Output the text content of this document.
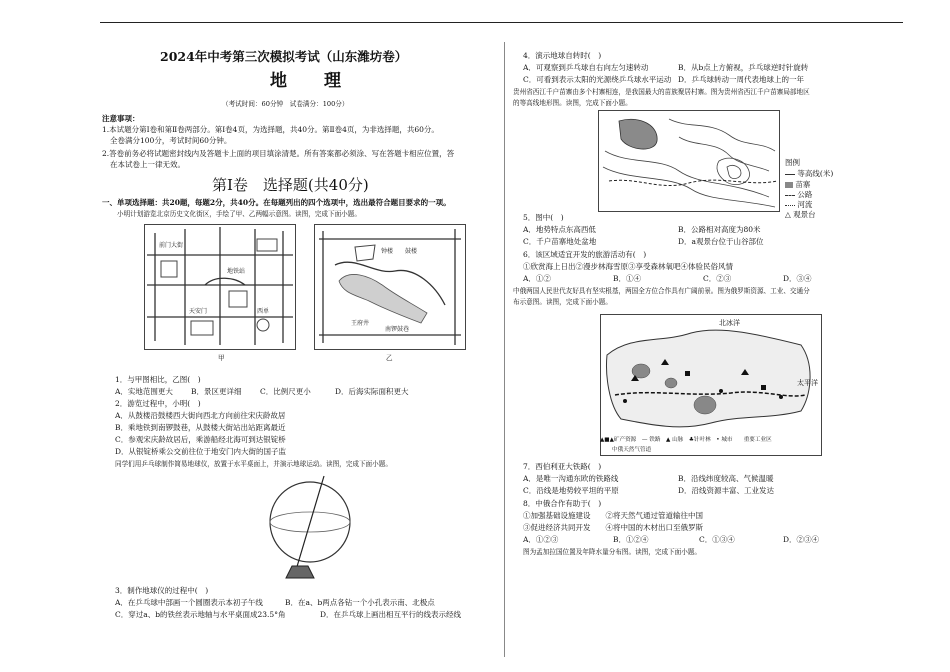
2024年中考第三次模拟考试（山东潍坊卷）
地　理
（考试时间：60分钟　试卷满分：100分）
注意事项：
1.本试题分第Ⅰ卷和第Ⅱ卷两部分。第Ⅰ卷4页，为选择题，共40分。第Ⅱ卷4页，为非选择题，共60分。
全卷满分100分，考试时间60分钟。
2.答卷前务必将试题密封线内及答题卡上面的项目填涂清楚。所有答案都必须涂、写在答题卡相应位置，答
在本试卷上一律无效。
第Ⅰ卷　选择题(共40分)
一、单项选择题：共20题，每题2分，共40分。在每题列出的四个选项中，选出最符合题目要求的一项。
小明计划游览北京历史文化街区，手绘了甲、乙两幅示意图。读图，完成下面小题。
前门大街
地铁站
天安门	西单
甲
钟楼 鼓楼
南锣鼓巷
王府井
乙
1．与甲图相比，乙图(　)
A．实地范围更大 B．景区更详细 C．比例尺更小	D．后海实际面积更大
2．游览过程中，小明(　)
A．从鼓楼沿鼓楼西大街向西北方向前往宋庆龄故居
B．乘地铁到南锣鼓巷，从鼓楼大街站出站距离最近
C．参观宋庆龄故居后，乘游船经北海可到达银锭桥
D．从银锭桥乘公交前往位于地安门内大街的国子监
同学们用乒乓球制作简易地球仪，放置于水平桌面上，并演示地球运动。读图，完成下面小题。
3．制作地球仪的过程中(　)
A．在乒乓球中部画一个圆圈表示本初子午线	B．在a、b两点各钻一个小孔表示南、北极点
C．穿过a、b的铁丝表示地轴与水平桌面成23.5°角	D．在乒乓球上画出相互平行的线表示经线
4．演示地球自转时(　)
A．可观察到乒乓球自右向左匀速转动	B．从b点上方俯视，乒乓球逆时针旋转
C．可看到表示太阳的光源绕乒乓球水平运动 D．乒乓球转动一周代表地球上的一年
贵州省西江千户苗寨由多个村寨相连，是我国最大的苗族聚居村寨。图为贵州省西江千户苗寨局部地区
的等高线地形图。读图，完成下面小题。
图例
等高线(米)
苗寨
公路
河流
△ 观景台
5．图中(　)
A．地势特点东高西低	B．公路相对高度为80米
C．千户苗寨地处盆地	D．a观景台位于山谷部位
6．该区域适宜开发的旅游活动有(　)
①欣赏海上日出②漫步林海雪原③享受森林氧吧④体验民俗风情
A．①②	B．①④	C．②③	D．③④
中俄两国人民世代友好具有坚实根基，两国全方位合作具有广阔前景。图为俄罗斯资源、工业、交通分
布示意图。读图，完成下面小题。
北冰洋
太平洋
▲■▲矿产资源　— 铁路　▲ 山脉　♣针叶林　• 城市　　重要工业区
中俄天然气管道
7．西伯利亚大铁路(　)
A．是唯一沟通东欧的铁路线	B．沿线纬度较高、气候温暖
C．沿线是地势较平坦的平原	D．沿线资源丰富、工业发达
8．中俄合作有助于(　)
①加强基础设施建设　　②将天然气通过管道输往中国
③促进经济共同开发　　④将中国的木材出口至俄罗斯
A．①②③	B．①②④	C．①③④	D．②③④
图为孟加拉国位置及年降水量分布图。读图，完成下面小题。
